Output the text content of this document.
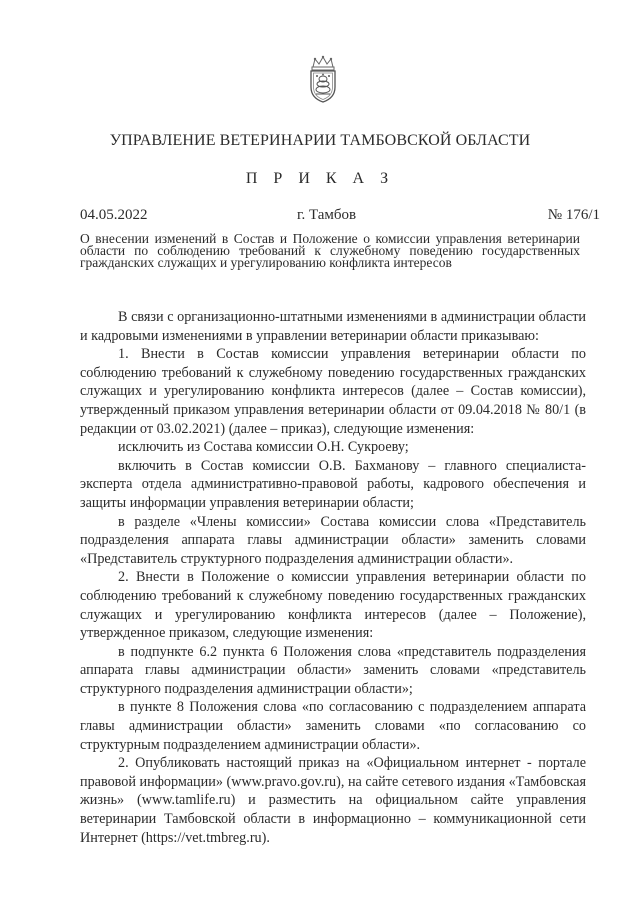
УПРАВЛЕНИЕ ВЕТЕРИНАРИИ ТАМБОВСКОЙ ОБЛАСТИ
П Р И К А З
04.05.2022	г. Тамбов	№ 176/1
О внесении изменений в Состав и Положение о комиссии управления ветеринарии области по соблюдению требований к служебному поведению государственных гражданских служащих и урегулированию конфликта интересов

В связи с организационно-штатными изменениями в администрации области и кадровыми изменениями в управлении ветеринарии области приказываю:

1. Внести в Состав комиссии управления ветеринарии области по соблюдению требований к служебному поведению государственных гражданских служащих и урегулированию конфликта интересов (далее – Состав комиссии), утвержденный приказом управления ветеринарии области от 09.04.2018 № 80/1 (в редакции от 03.02.2021) (далее – приказ), следующие изменения:

исключить из Состава комиссии О.Н. Сукроеву;

включить в Состав комиссии О.В. Бахманову – главного специалиста-эксперта отдела административно-правовой работы, кадрового обеспечения и защиты информации управления ветеринарии области;

в разделе «Члены комиссии» Состава комиссии слова «Представитель подразделения аппарата главы администрации области» заменить словами «Представитель структурного подразделения администрации области».

2. Внести в Положение о комиссии управления ветеринарии области по соблюдению требований к служебному поведению государственных гражданских служащих и урегулированию конфликта интересов (далее – Положение), утвержденное приказом, следующие изменения:

в подпункте 6.2 пункта 6 Положения слова «представитель подразделения аппарата главы администрации области» заменить словами «представитель структурного подразделения администрации области»;

в пункте 8 Положения слова «по согласованию с подразделением аппарата главы администрации области» заменить словами «по согласованию со структурным подразделением администрации области».

2. Опубликовать настоящий приказ на «Официальном интернет - портале правовой информации» (www.pravo.gov.ru), на сайте сетевого издания «Тамбовская жизнь» (www.tamlife.ru) и разместить на официальном сайте управления ветеринарии Тамбовской области в информационно – коммуникационной сети Интернет (https://vet.tmbreg.ru).
